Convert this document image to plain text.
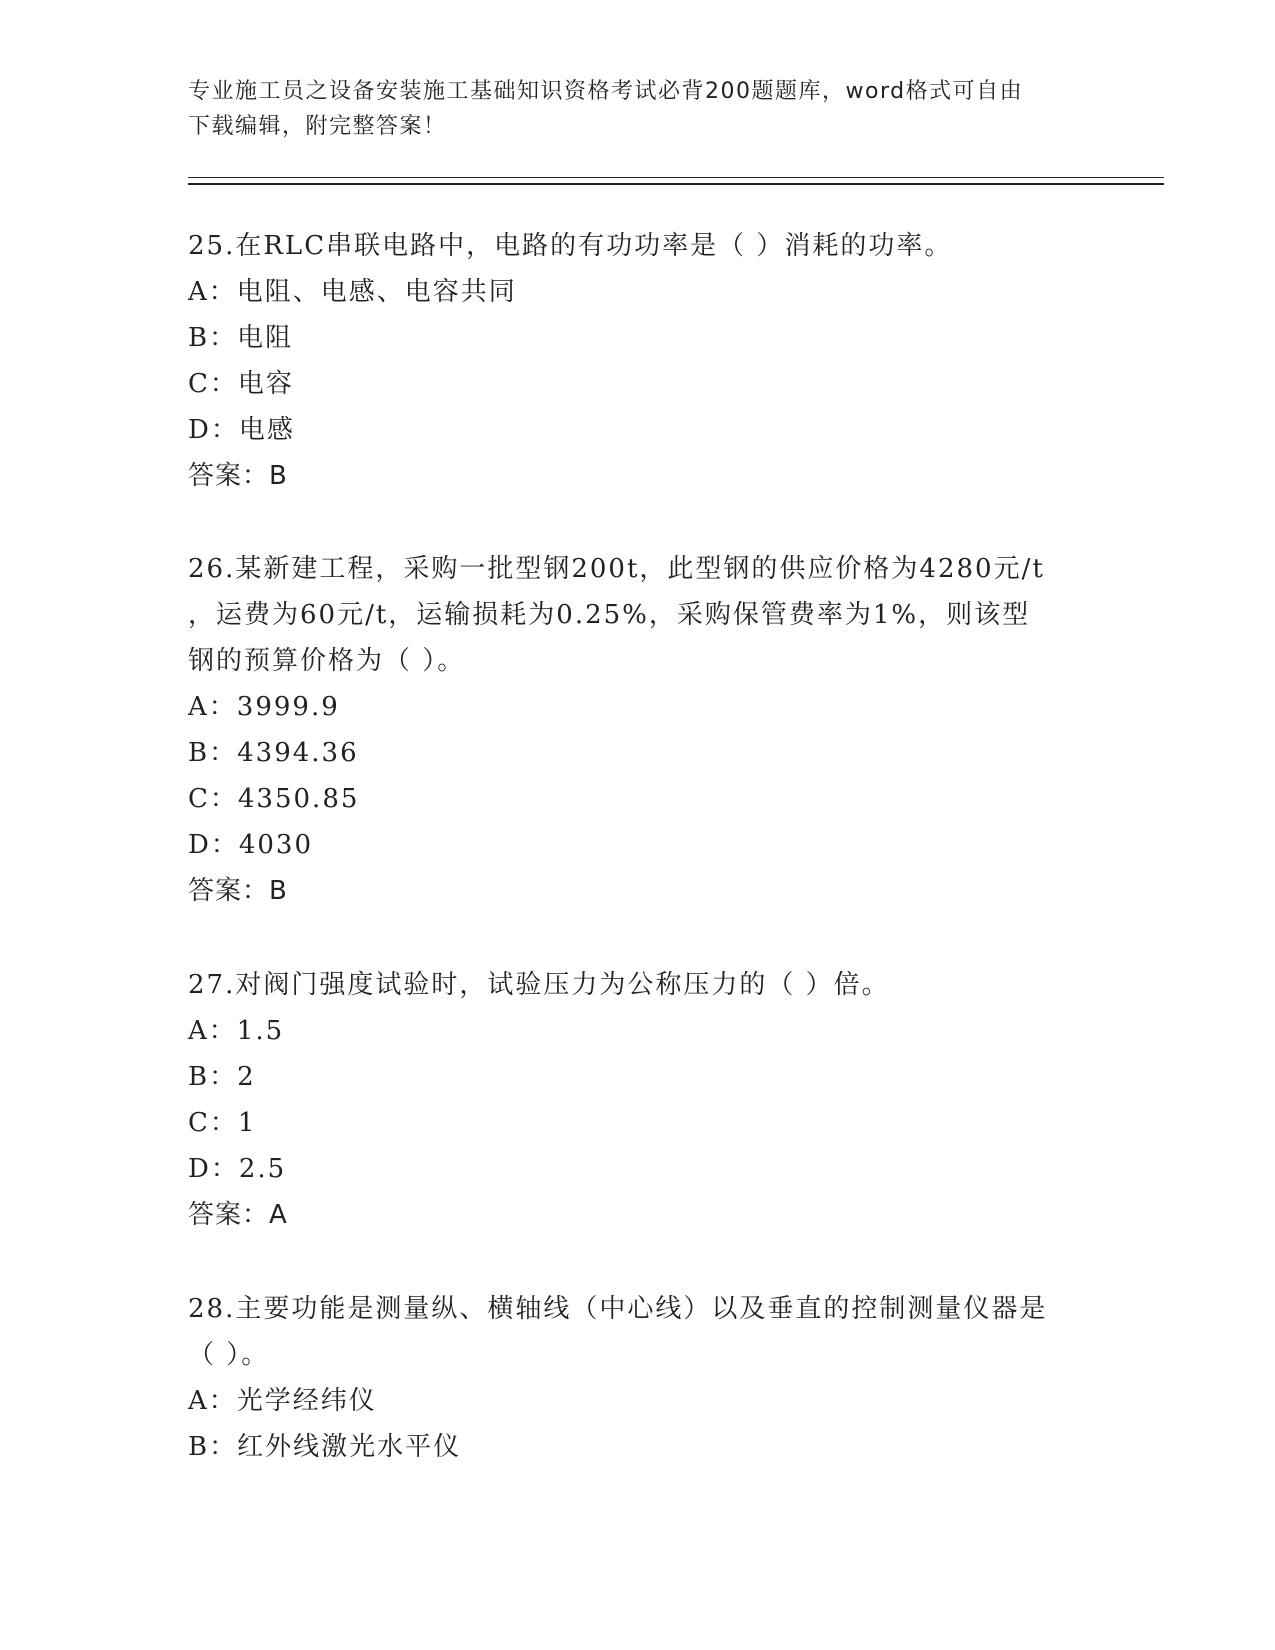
专业施工员之设备安装施工基础知识资格考试必背200题题库，word格式可自由
下载编辑，附完整答案！

25.在RLC串联电路中，电路的有功功率是（ ）消耗的功率。

A：电阻、电感、电容共同

B：电阻

C：电容

D：电感

答案：B

26.某新建工程，采购一批型钢200t，此型钢的供应价格为4280元/t

，运费为60元/t，运输损耗为0.25%，采购保管费率为1%，则该型

钢的预算价格为（ ）。

A：3999.9

B：4394.36

C：4350.85

D：4030

答案：B

27.对阀门强度试验时，试验压力为公称压力的（ ）倍。

A：1.5

B：2

C：1

D：2.5

答案：A

28.主要功能是测量纵、横轴线（中心线）以及垂直的控制测量仪器是

（ ）。

A：光学经纬仪

B：红外线激光水平仪
